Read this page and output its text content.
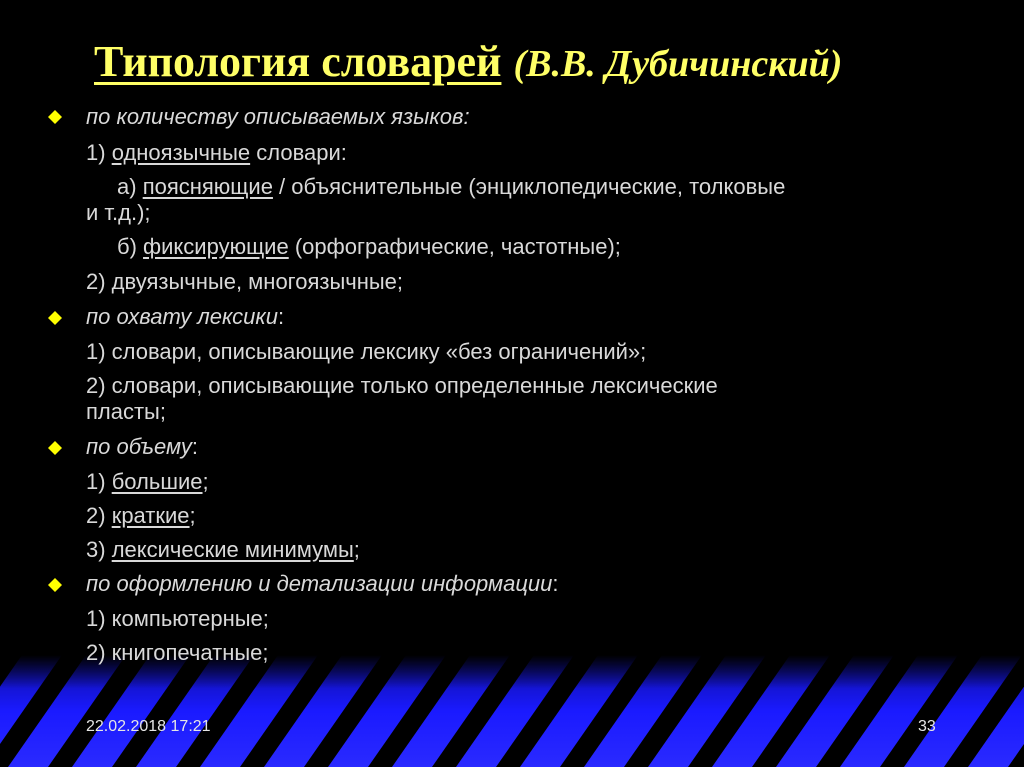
Типология словарей (В.В. Дубичинский)
по количеству описываемых языков:
1) одноязычные словари:
а) поясняющие / объяснительные (энциклопедические, толковые
и т.д.);
б) фиксирующие (орфографические, частотные);
2) двуязычные, многоязычные;
по охвату лексики:
1) словари, описывающие лексику «без ограничений»;
2) словари, описывающие только определенные лексические
пласты;
по объему:
1) большие;
2) краткие;
3) лексические минимумы;
по оформлению и детализации информации:
1) компьютерные;
2) книгопечатные;
22.02.2018 17:21	33
